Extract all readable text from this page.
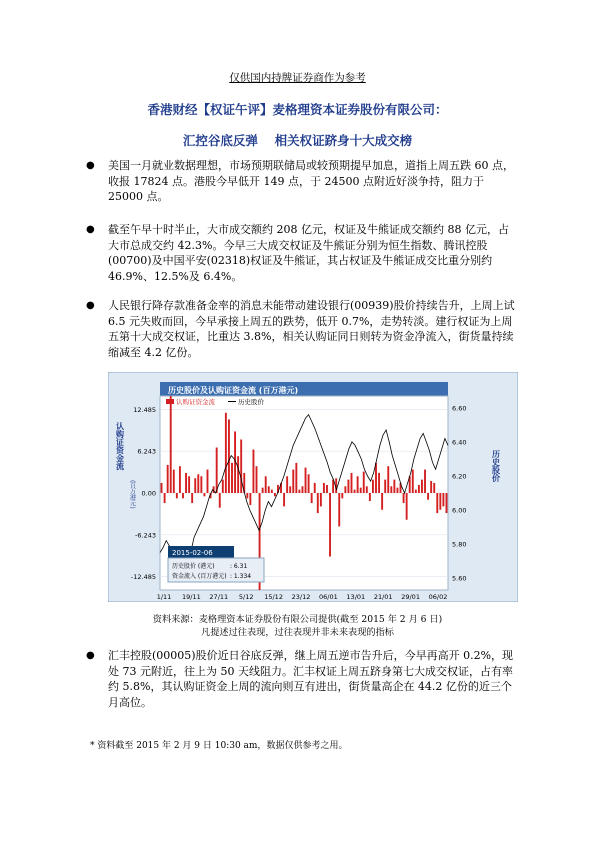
仅供国内持牌证券商作为参考
香港财经【权证午评】麦格理资本证券股份有限公司：
汇控谷底反弹　 相关权证跻身十大成交榜
● 美国一月就业数据理想，市场预期联储局或较预期提早加息，道指上周五跌 60 点，收报 17824 点。港股今早低开 149 点，于 24500 点附近好淡争持，阻力于 25000 点。
● 截至午早十时半止，大市成交额约 208 亿元，权证及牛熊证成交额约 88 亿元，占大市总成交约 42.3%。今早三大成交权证及牛熊证分别为恒生指数、腾讯控股(00700)及中国平安(02318)权证及牛熊证，其占权证及牛熊证成交比重分别约 46.9%、12.5%及 6.4%。
● 人民银行降存款准备金率的消息未能带动建设银行(00939)股价持续告升，上周上试 6.5 元失败而回，今早承接上周五的跌势，低开 0.7%，走势转淡。建行权证为上周五第十大成交权证，比重达 3.8%，相关认购证同日则转为资金净流入，街货量持续缩减至 4.2 亿份。
历史股价及认购证资金流 (百万港元)
认购证资金流	历史股价
12.485
6.243
0.00
-6.243
-12.485
6.60
6.40
6.20
6.00
5.80
5.60
1/11 19/11 27/11 5/12 15/12 23/12 06/01 13/01 21/01 29/01 06/02
认购证资金流
(百万港元)
历史股价
2015-02-06
历史股价 (港元)	: 6.31
资金流入 (百万港元) : 1.334
资料来源：麦格理资本证券股份有限公司提供(截至 2015 年 2 月 6 日)
凡提述过往表现，过往表现并非未来表现的指标
● 汇丰控股(00005)股价近日谷底反弹，继上周五逆市告升后，今早再高开 0.2%，现处 73 元附近，往上为 50 天线阻力。汇丰权证上周五跻身第七大成交权证，占有率约 5.8%，其认购证资金上周的流向则互有进出，街货量高企在 44.2 亿份的近三个月高位。
* 资料截至 2015 年 2 月 9 日 10:30 am，数据仅供参考之用。
